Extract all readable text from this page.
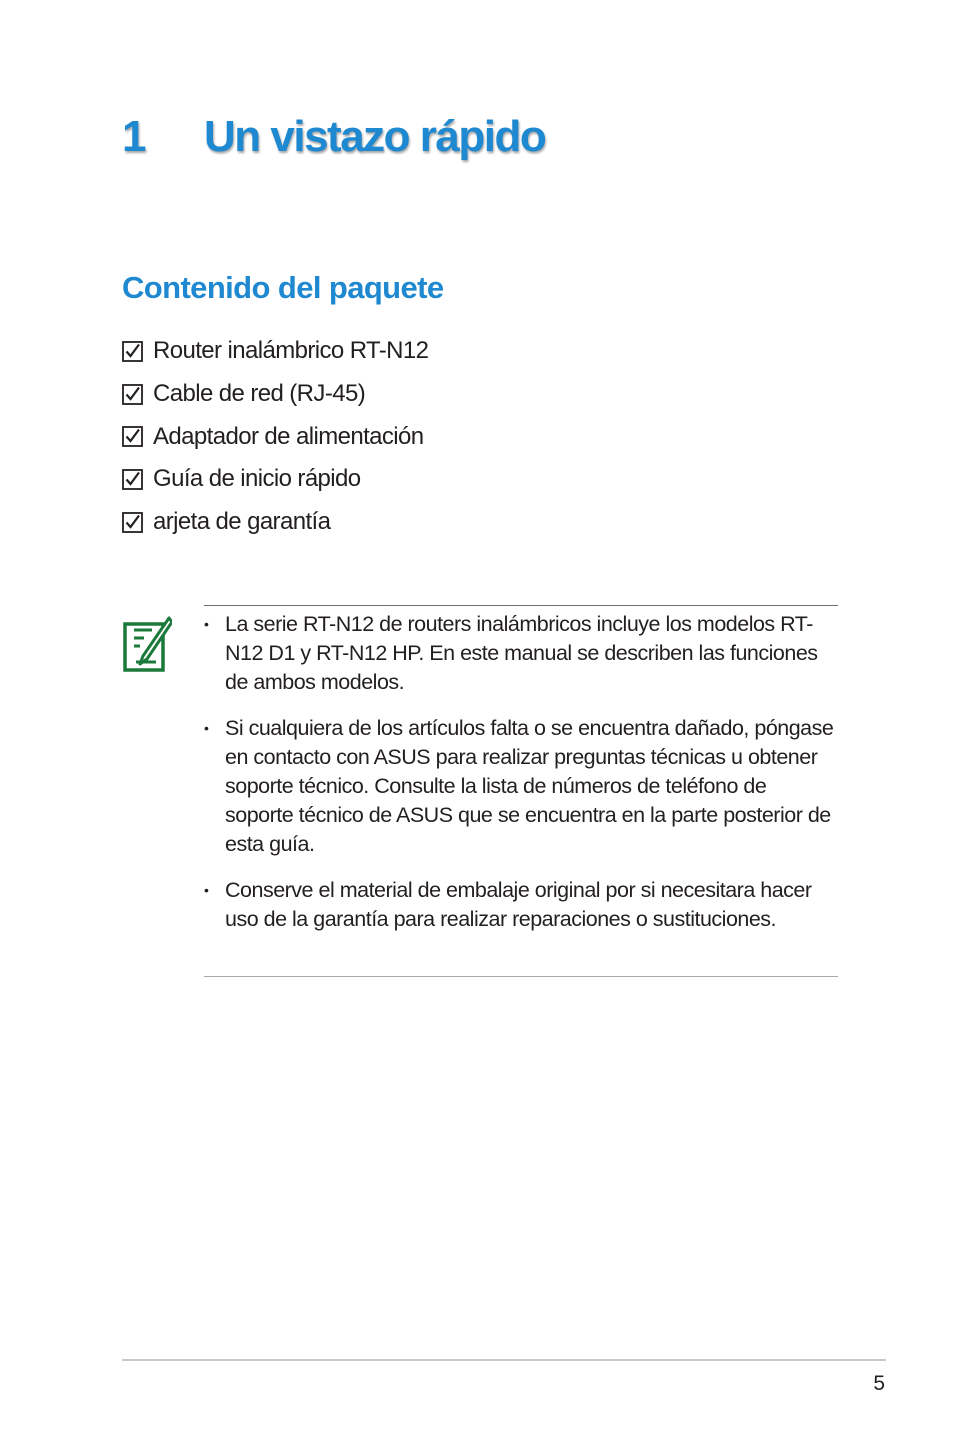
1 Un vistazo rápido
Contenido del paquete
Router inalámbrico RT-N12
Cable de red (RJ-45)
Adaptador de alimentación
Guía de inicio rápido
arjeta de garantía
• La serie RT-N12 de routers inalámbricos incluye los modelos RT-N12 D1 y RT-N12 HP. En este manual se describen las funciones de ambos modelos.
• Si cualquiera de los artículos falta o se encuentra dañado, póngase en contacto con ASUS para realizar preguntas técnicas u obtener soporte técnico. Consulte la lista de números de teléfono de soporte técnico de ASUS que se encuentra en la parte posterior de esta guía.
• Conserve el material de embalaje original por si necesitara hacer uso de la garantía para realizar reparaciones o sustituciones.
5
